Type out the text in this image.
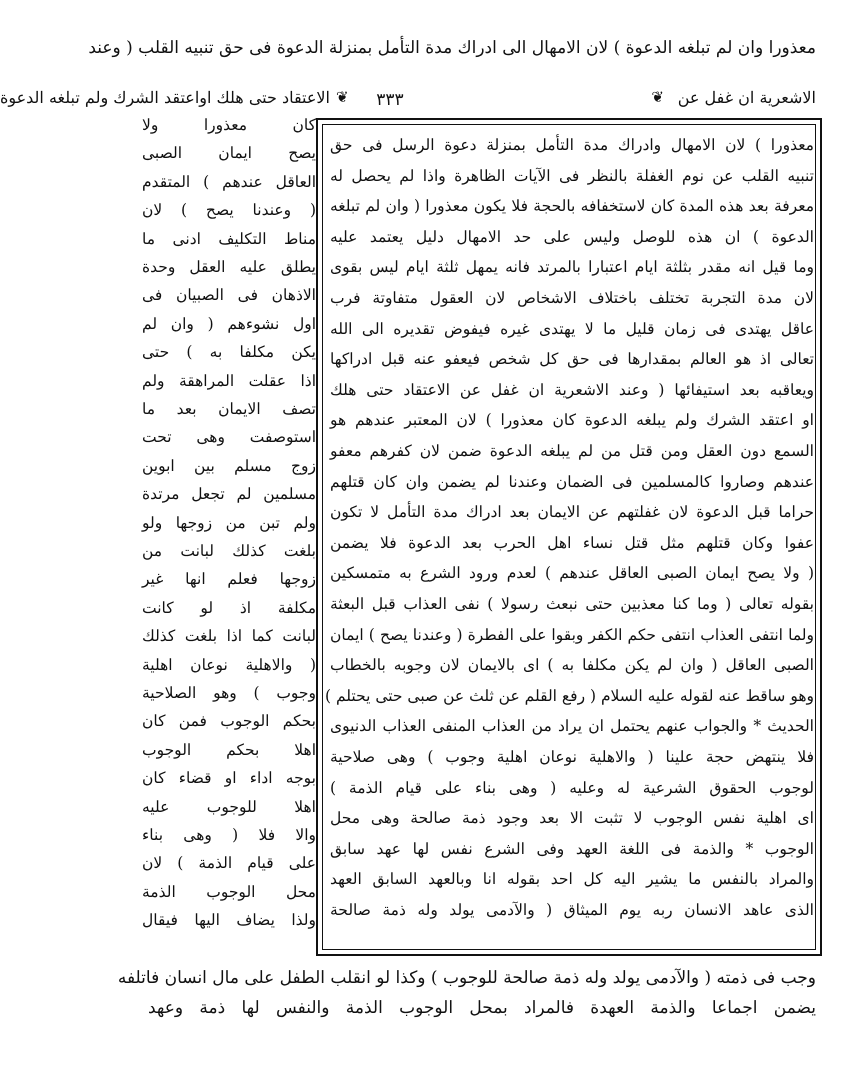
معذورا وان لم تبلغه الدعوة ) لان الامهال الى ادراك مدة التأمل بمنزلة الدعوة فى حق تنبيه القلب ( وعند
الاشعرية ان غفل عن
❦
٣٣٣
❦
الاعتقاد حتى هلك اواعتقد الشرك ولم تبلغه الدعوة
معذورا ) لان الامهال وادراك مدة التأمل بمنزلة دعوة الرسل فى حق
تنبيه القلب عن نوم الغفلة بالنظر فى الآيات الظاهرة واذا لم يحصل له
معرفة بعد هذه المدة كان لاستخفافه بالحجة فلا يكون معذورا ( وان لم تبلغه
الدعوة ) ان هذه للوصل وليس على حد الامهال دليل يعتمد عليه
وما قيل انه مقدر بثلثة ايام اعتبارا بالمرتد فانه يمهل ثلثة ايام ليس بقوى
لان مدة التجربة تختلف باختلاف الاشخاص لان العقول متفاوتة فرب
عاقل يهتدى فى زمان قليل ما لا يهتدى غيره فيفوض تقديره الى الله
تعالى اذ هو العالم بمقدارها فى حق كل شخص فيعفو عنه قبل ادراكها
ويعاقبه بعد استيفائها ( وعند الاشعرية ان غفل عن الاعتقاد حتى هلك
او اعتقد الشرك ولم يبلغه الدعوة كان معذورا ) لان المعتبر عندهم هو
السمع دون العقل ومن قتل من لم يبلغه الدعوة ضمن لان كفرهم معفو
عندهم وصاروا كالمسلمين فى الضمان وعندنا لم يضمن وان كان قتلهم
حراما قبل الدعوة لان غفلتهم عن الايمان بعد ادراك مدة التأمل لا تكون
عفوا وكان قتلهم مثل قتل نساء اهل الحرب بعد الدعوة فلا يضمن
( ولا يصح ايمان الصبى العاقل عندهم ) لعدم ورود الشرع به متمسكين
بقوله تعالى ( وما كنا معذبين حتى نبعث رسولا ) نفى العذاب قبل البعثة
ولما انتفى العذاب انتفى حكم الكفر وبقوا على الفطرة ( وعندنا يصح ) ايمان
الصبى العاقل ( وان لم يكن مكلفا به ) اى بالايمان لان وجوبه بالخطاب
وهو ساقط عنه لقوله عليه السلام ( رفع القلم عن ثلث عن صبى حتى يحتلم )
الحديث * والجواب عنهم يحتمل ان يراد من العذاب المنفى العذاب الدنيوى
فلا ينتهض حجة علينا ( والاهلية نوعان اهلية وجوب ) وهى صلاحية
لوجوب الحقوق الشرعية له وعليه ( وهى بناء على قيام الذمة )
اى اهلية نفس الوجوب لا تثبت الا بعد وجود ذمة صالحة وهى محل
الوجوب * والذمة فى اللغة العهد وفى الشرع نفس لها عهد سابق
والمراد بالنفس ما يشير اليه كل احد بقوله انا وبالعهد السابق العهد
الذى عاهد الانسان ربه يوم الميثاق ( والآدمى يولد وله ذمة صالحة
كان معذورا ولا
يصح ايمان الصبى
العاقل عندهم ) المتقدم
( وعندنا يصح ) لان
مناط التكليف ادنى ما
يطلق عليه العقل وحدة
الاذهان فى الصبيان فى
اول نشوءهم ( وان لم
يكن مكلفا به ) حتى
اذا عقلت المراهقة ولم
تصف الايمان بعد ما
استوصفت وهى تحت
زوج مسلم بين ابوين
مسلمين لم تجعل مرتدة
ولم تبن من زوجها ولو
بلغت كذلك لبانت من
زوجها فعلم انها غير
مكلفة اذ لو كانت
لبانت كما اذا بلغت كذلك
( والاهلية نوعان اهلية
وجوب ) وهو الصلاحية
بحكم الوجوب فمن كان
اهلا بحكم الوجوب
بوجه اداء او قضاء كان
اهلا للوجوب عليه
والا فلا ( وهى بناء
على قيام الذمة ) لان
محل الوجوب الذمة
ولذا يضاف اليها فيقال
وجب فى ذمته ( والآدمى يولد وله ذمة صالحة للوجوب ) وكذا لو انقلب الطفل على مال انسان فاتلفه
يضمن اجماعا والذمة العهدة فالمراد بمحل الوجوب الذمة والنفس لها ذمة وعهد
